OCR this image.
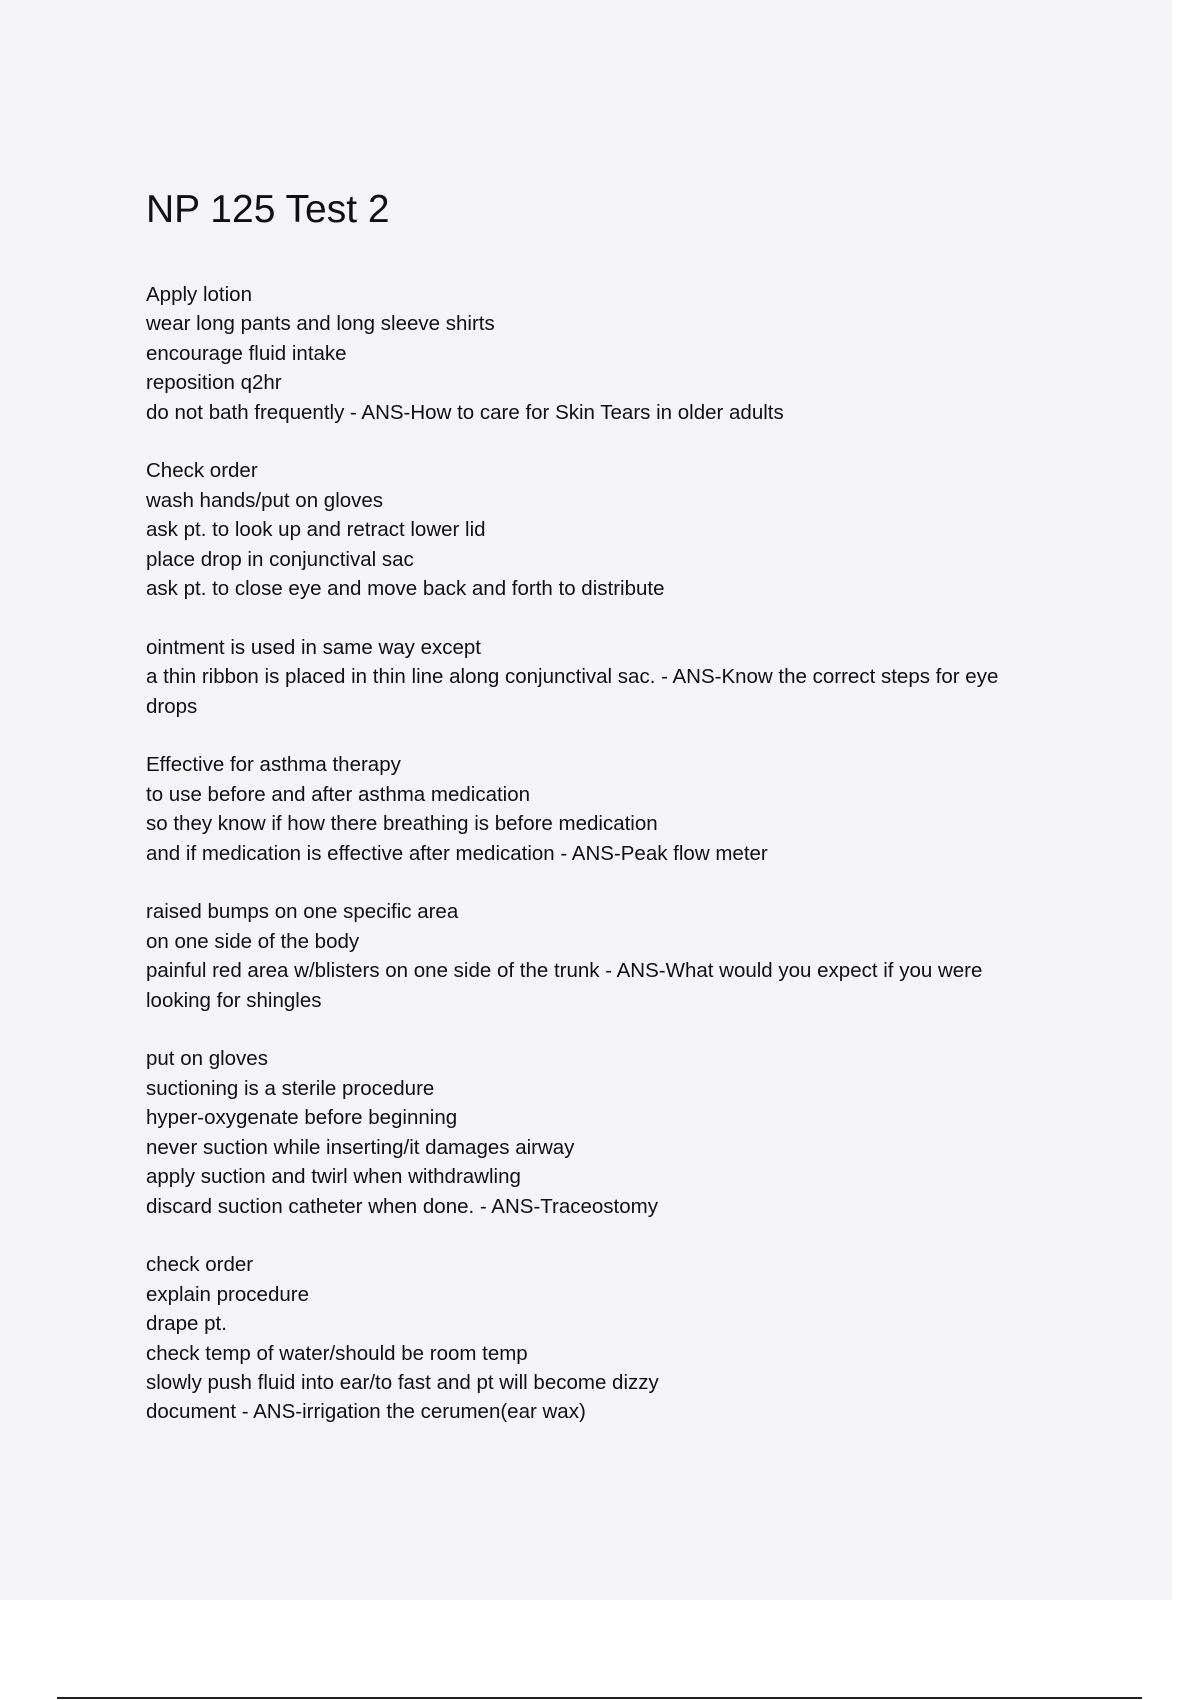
NP 125 Test 2
Apply lotion
wear long pants and long sleeve shirts
encourage fluid intake
reposition q2hr
do not bath frequently - ANS-How to care for Skin Tears in older adults
Check order
wash hands/put on gloves
ask pt. to look up and retract lower lid
place drop in conjunctival sac
ask pt. to close eye and move back and forth to distribute
ointment is used in same way except
a thin ribbon is placed in thin line along conjunctival sac. - ANS-Know the correct steps for eye
drops
Effective for asthma therapy
to use before and after asthma medication
so they know if how there breathing is before medication
and if medication is effective after medication - ANS-Peak flow meter
raised bumps on one specific area
on one side of the body
painful red area w/blisters on one side of the trunk - ANS-What would you expect if you were
looking for shingles
put on gloves
suctioning is a sterile procedure
hyper-oxygenate before beginning
never suction while inserting/it damages airway
apply suction and twirl when withdrawling
discard suction catheter when done. - ANS-Traceostomy
check order
explain procedure
drape pt.
check temp of water/should be room temp
slowly push fluid into ear/to fast and pt will become dizzy
document - ANS-irrigation the cerumen(ear wax)
